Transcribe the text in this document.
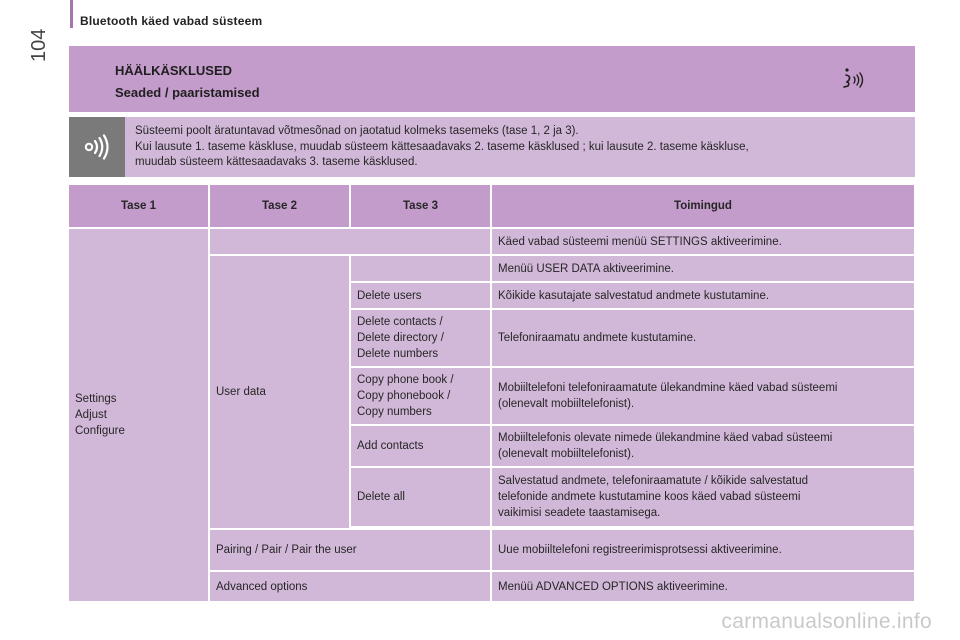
Bluetooth käed vabad süsteem
104
HÄÄLKÄSKLUSED
Seaded / paaristamised
Süsteemi poolt äratuntavad võtmesõnad on jaotatud kolmeks tasemeks (tase 1, 2 ja 3).
Kui lausute 1. taseme käskluse, muudab süsteem kättesaadavaks 2. taseme käsklused ; kui lausute 2. taseme käskluse,
muudab süsteem kättesaadavaks 3. taseme käsklused.
Tase 1	Tase 2	Tase 3	Toimingud
Settings
Adjust
Configure			Käed vabad süsteemi menüü SETTINGS aktiveerimine.
	User data		Menüü USER DATA aktiveerimine.
		Delete users	Kõikide kasutajate salvestatud andmete kustutamine.
		Delete contacts /
Delete directory /
Delete numbers	Telefoniraamatu andmete kustutamine.
		Copy phone book /
Copy phonebook /
Copy numbers	Mobiiltelefoni telefoniraamatute ülekandmine käed vabad süsteemi
(olenevalt mobiiltelefonist).
		Add contacts	Mobiiltelefonis olevate nimede ülekandmine käed vabad süsteemi
(olenevalt mobiiltelefonist).
		Delete all	Salvestatud andmete, telefoniraamatute / kõikide salvestatud
telefonide andmete kustutamine koos käed vabad süsteemi
vaikimisi seadete taastamisega.

	Pairing / Pair / Pair the user		Uue mobiiltelefoni registreerimisprotsessi aktiveerimine.
	Advanced options		Menüü ADVANCED OPTIONS aktiveerimine.
carmanualsonline.info
